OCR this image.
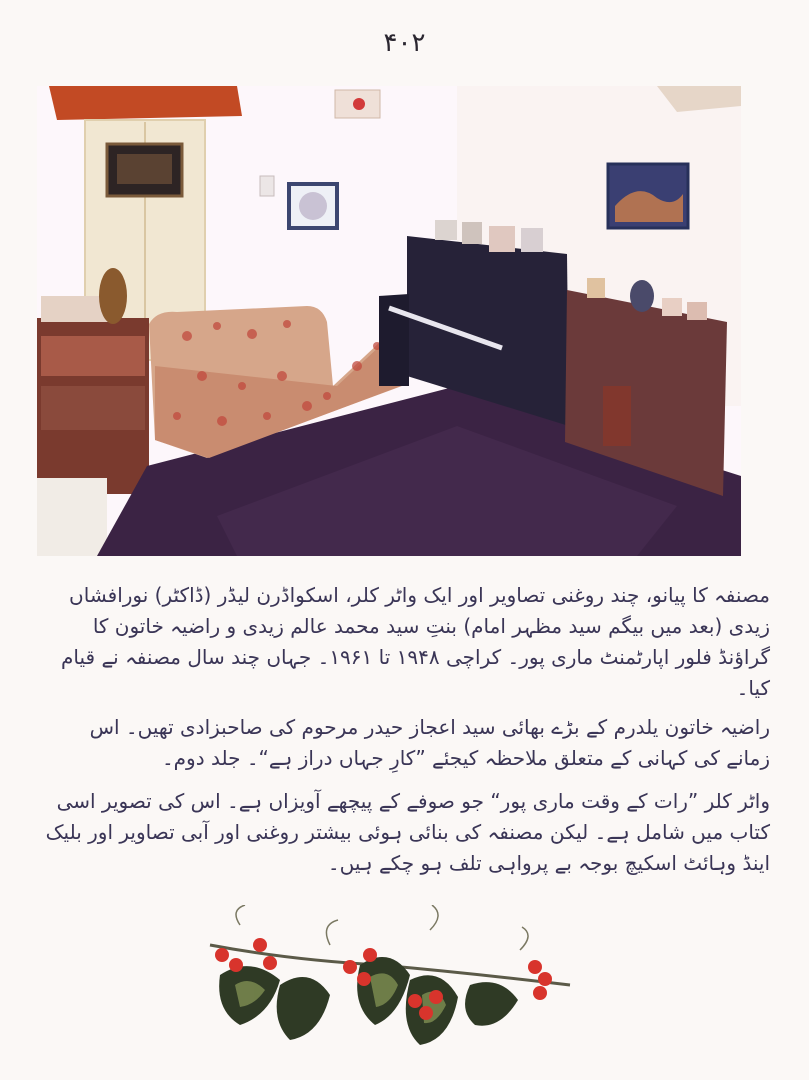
۴۰۲

مصنفہ کا پیانو، چند روغنی تصاویر اور ایک واٹر کلر، اسکواڈرن لیڈر (ڈاکٹر) نورافشاں زیدی (بعد میں بیگم سید مظہر امام) بنتِ سید محمد عالم زیدی و راضیہ خاتون کا گراؤنڈ فلور اپارٹمنٹ ماری پور۔ کراچی ۱۹۴۸ تا ۱۹۶۱۔ جہاں چند سال مصنفہ نے قیام کیا۔

راضیہ خاتون یلدرم کے بڑے بھائی سید اعجاز حیدر مرحوم کی صاحبزادی تھیں۔ اس زمانے کی کہانی کے متعلق ملاحظہ کیجئے ”کارِ جہاں دراز ہے“۔ جلد دوم۔

واٹر کلر ”رات کے وقت ماری پور“ جو صوفے کے پیچھے آویزاں ہے۔ اس کی تصویر اسی کتاب میں شامل ہے۔ لیکن مصنفہ کی بنائی ہوئی بیشتر روغنی اور آبی تصاویر اور بلیک اینڈ وہائٹ اسکیچ بوجہ بے پرواہی تلف ہو چکے ہیں۔
